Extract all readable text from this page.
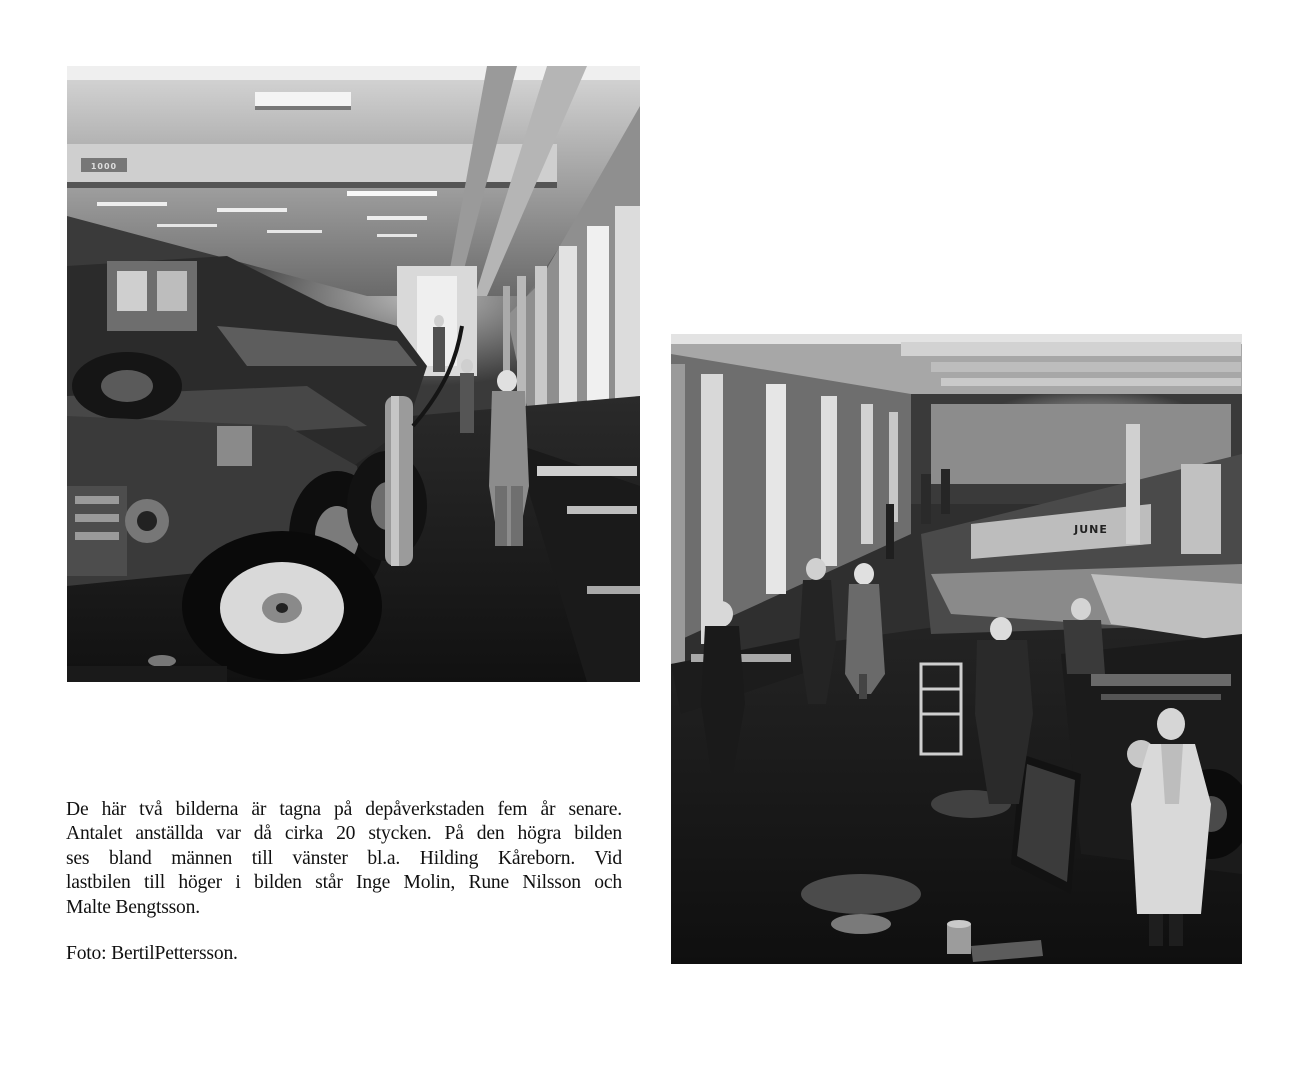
1000
JUNE
De här två bilderna är tagna på depåverkstaden fem år senare.
Antalet anställda var då cirka 20 stycken. På den högra bilden
ses bland männen till vänster bl.a. Hilding Kåreborn. Vid
lastbilen till höger i bilden står Inge Molin, Rune Nilsson och
Malte Bengtsson.
Foto: BertilPettersson.
